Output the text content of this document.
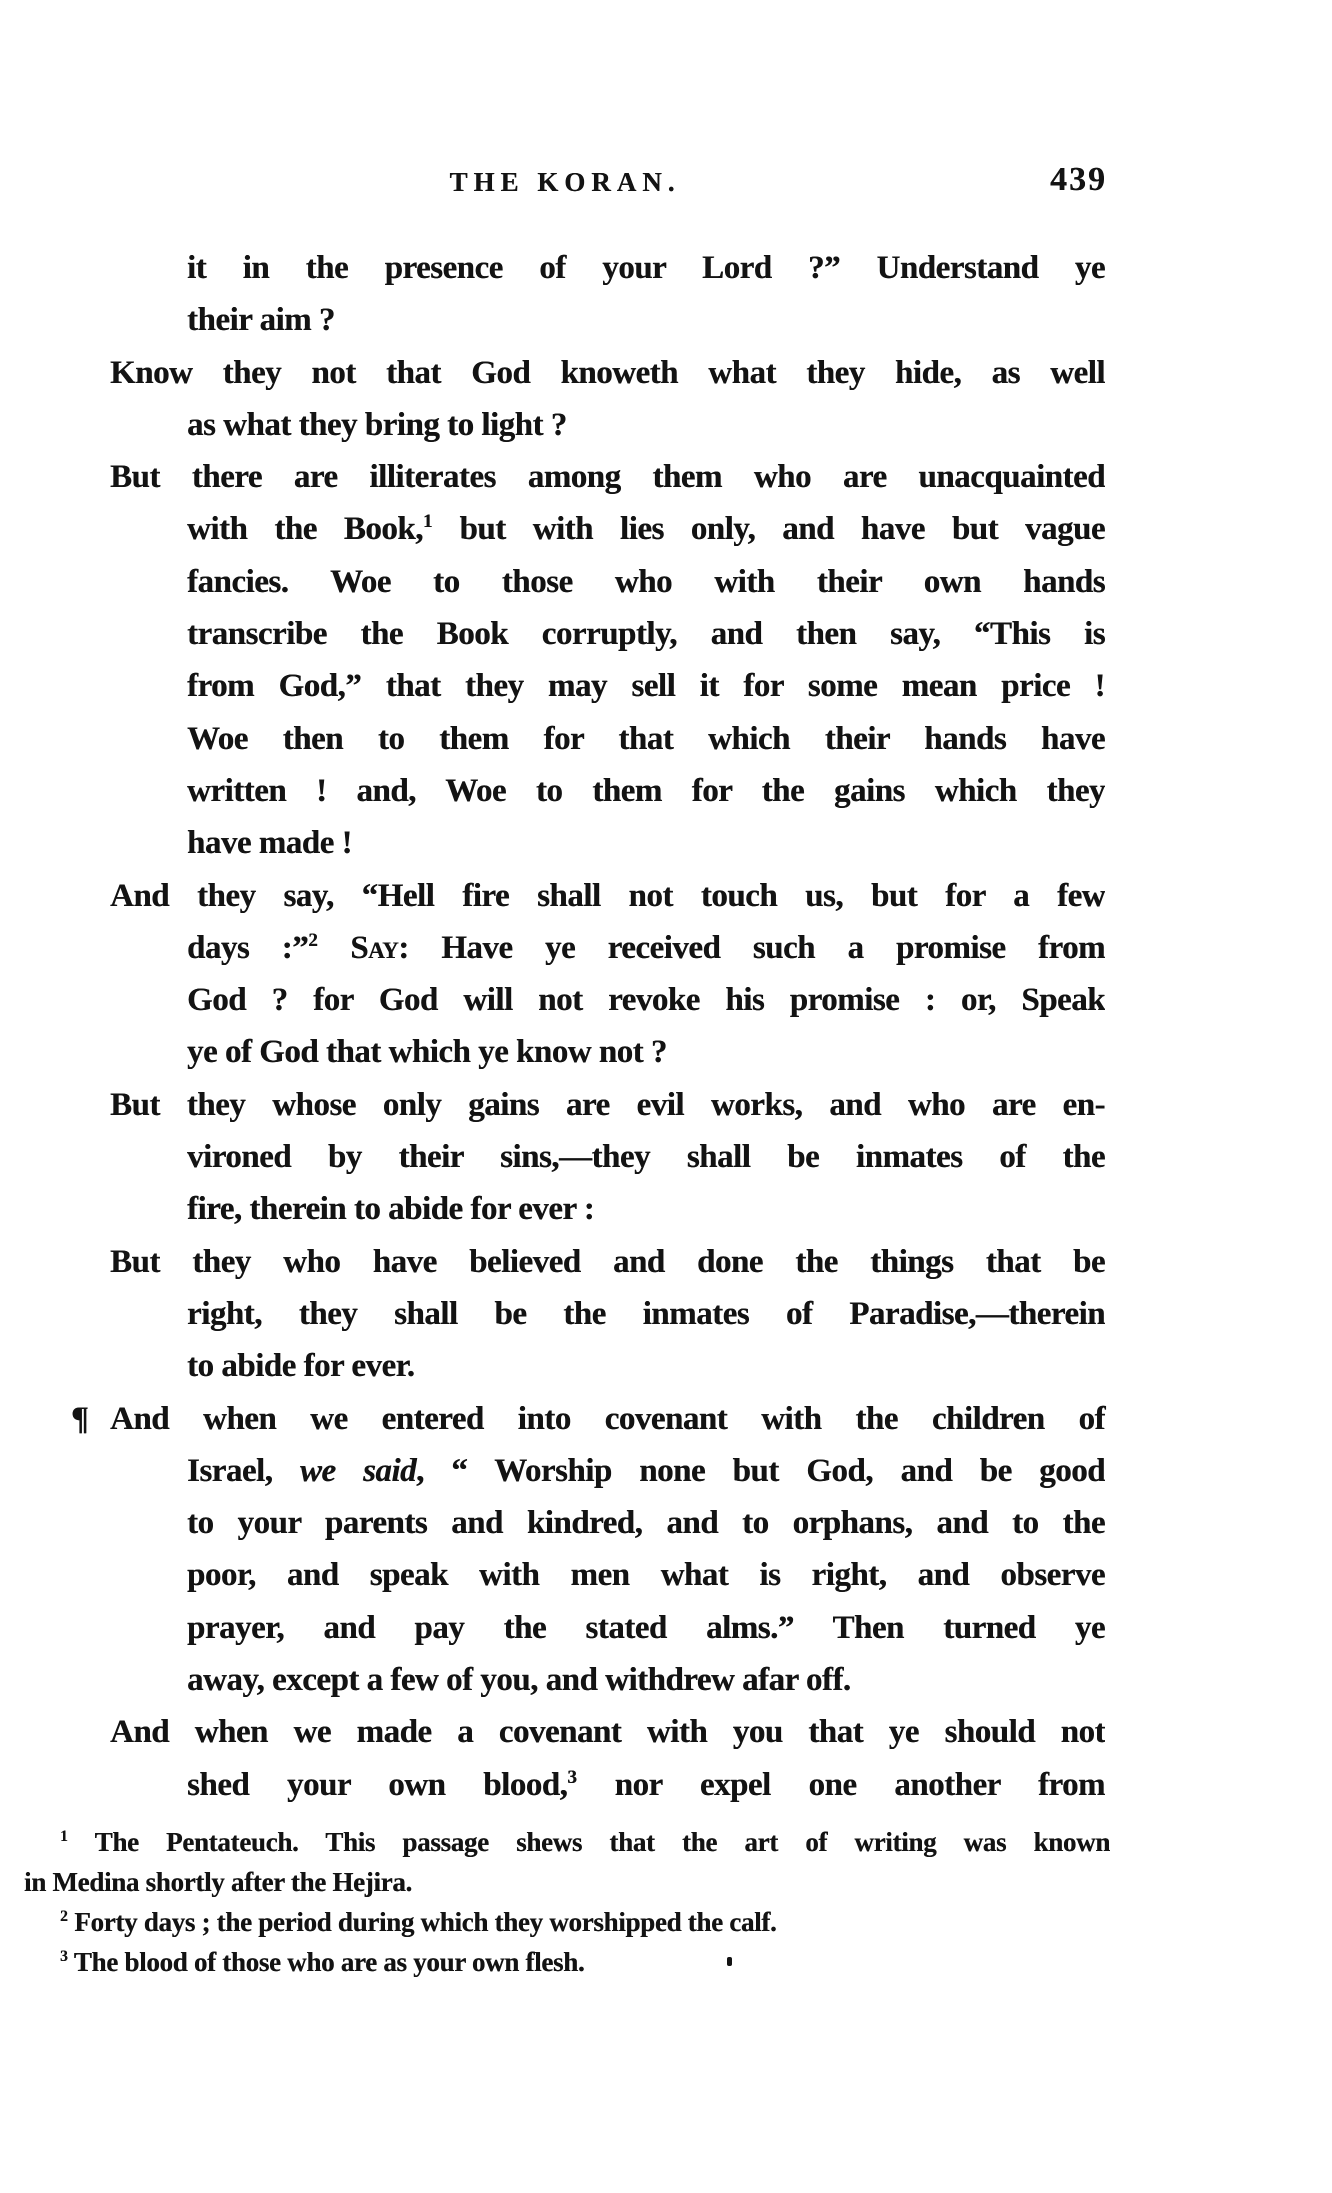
THE KORAN.	439
it in the presence of your Lord ?” Understand ye
their aim ?
Know they not that God knoweth what they hide, as well
as what they bring to light ?
But there are illiterates among them who are unacquainted
with the Book,$^1$ but with lies only, and have but vague
fancies. Woe to those who with their own hands
transcribe the Book corruptly, and then say, “This is
from God,” that they may sell it for some mean price !
Woe then to them for that which their hands have
written ! and, Woe to them for the gains which they
have made !
And they say, “Hell fire shall not touch us, but for a few
days :”$^2$ Say: Have ye received such a promise from
God ? for God will not revoke his promise : or, Speak
ye of God that which ye know not ?
But they whose only gains are evil works, and who are en-
vironed by their sins,—they shall be inmates of the
fire, therein to abide for ever :
But they who have believed and done the things that be
right, they shall be the inmates of Paradise,—therein
to abide for ever.
¶ And when we entered into covenant with the children of
Israel, we said, “ Worship none but God, and be good
to your parents and kindred, and to orphans, and to the
poor, and speak with men what is right, and observe
prayer, and pay the stated alms.” Then turned ye
away, except a few of you, and withdrew afar off.
And when we made a covenant with you that ye should not
shed your own blood,$^3$ nor expel one another from
$^1$ The Pentateuch. This passage shews that the art of writing was known
in Medina shortly after the Hejira.
$^2$ Forty days ; the period during which they worshipped the calf.
$^3$ The blood of those who are as your own flesh.
